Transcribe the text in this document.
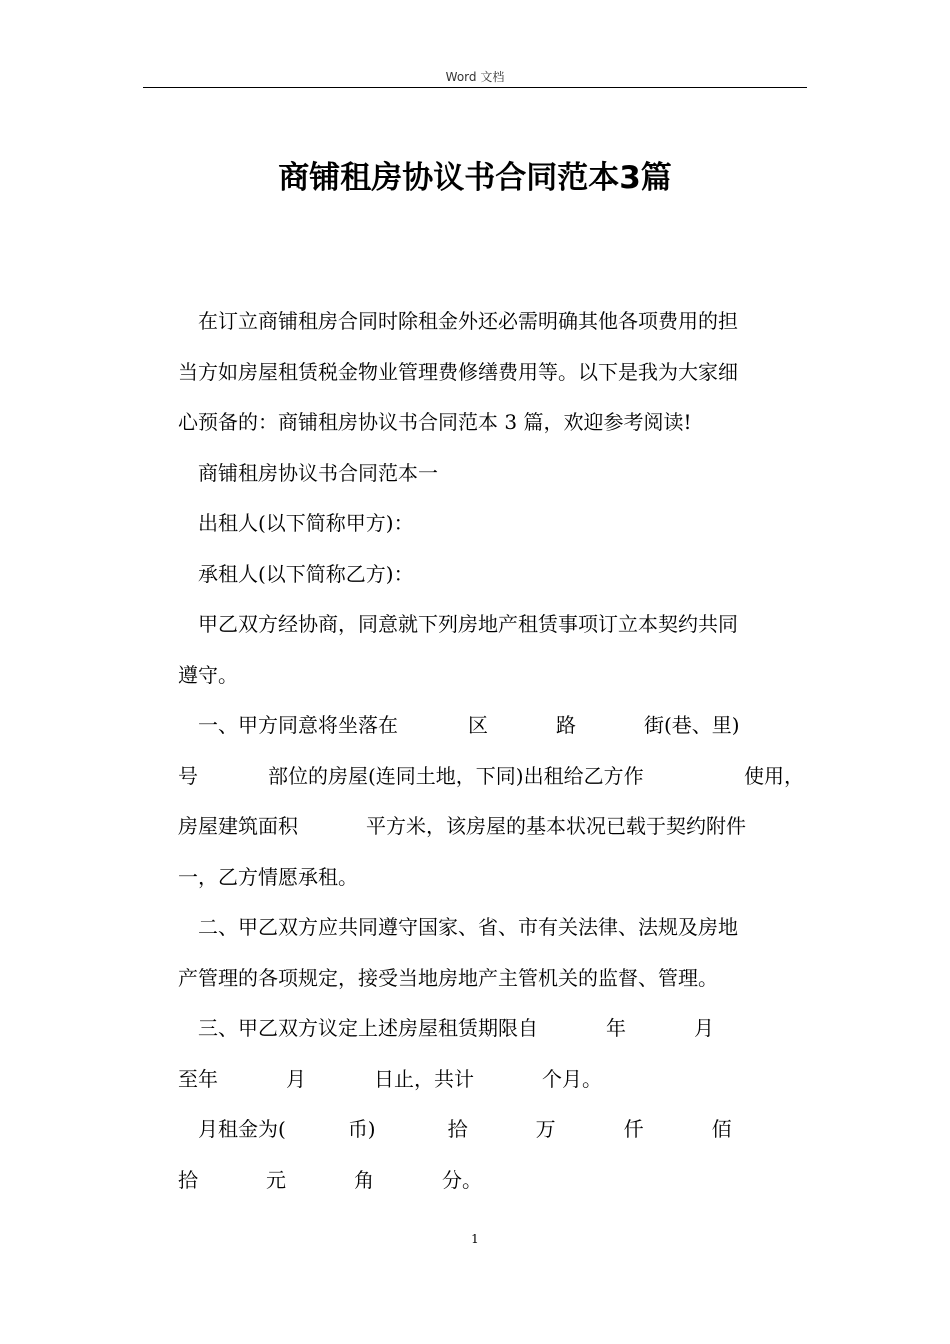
Word 文档
商铺租房协议书合同范本3篇
在订立商铺租房合同时除租金外还必需明确其他各项费用的担
当方如房屋租赁税金物业管理费修缮费用等。以下是我为大家细
心预备的：商铺租房协议书合同范本 3 篇，欢迎参考阅读!
商铺租房协议书合同范本一
出租人(以下简称甲方)：
承租人(以下简称乙方)：
甲乙双方经协商，同意就下列房地产租赁事项订立本契约共同
遵守。
一、甲方同意将坐落在	区	路	街(巷、里)
号	部位的房屋(连同土地，下同)出租给乙方作	使用，
房屋建筑面积	平方米，该房屋的基本状况已载于契约附件
一，乙方情愿承租。
二、甲乙双方应共同遵守国家、省、市有关法律、法规及房地
产管理的各项规定，接受当地房地产主管机关的监督、管理。
三、甲乙双方议定上述房屋租赁期限自	年	月
至年	月	日止，共计	个月。
月租金为(	币)	拾	万	仟	佰
拾	元	角	分。
1
